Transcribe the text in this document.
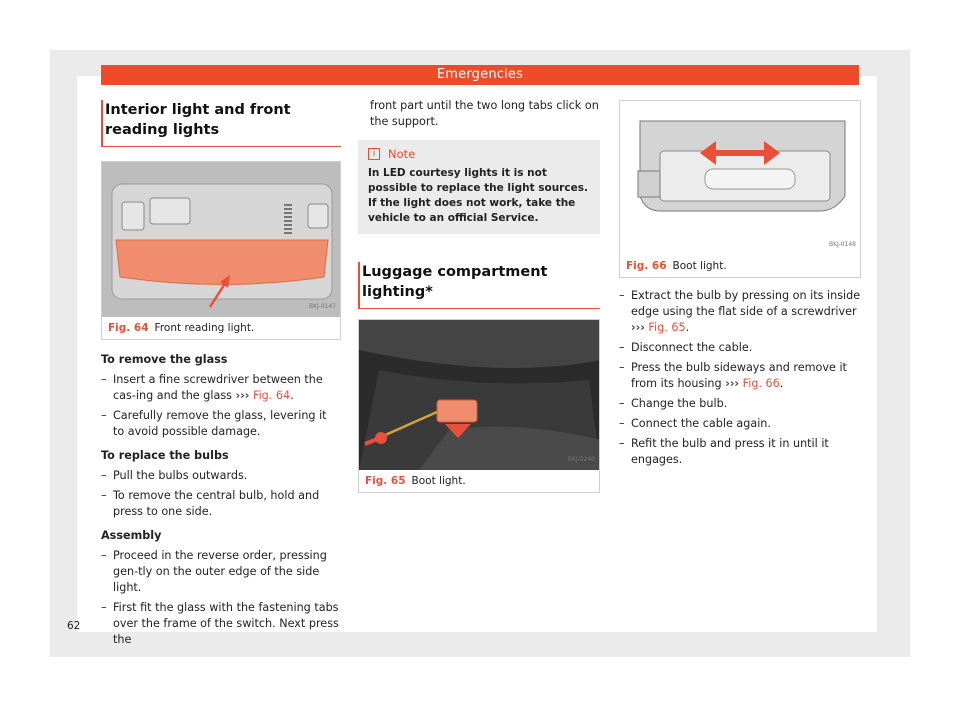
Emergencies
Interior light and front reading lights
BKJ-0147
Fig. 64 Front reading light.
To remove the glass
– Insert a fine screwdriver between the cas-ing and the glass ››› Fig. 64.
– Carefully remove the glass, levering it to avoid possible damage.
To replace the bulbs
– Pull the bulbs outwards.
– To remove the central bulb, hold and press to one side.
Assembly
– Proceed in the reverse order, pressing gen-tly on the outer edge of the side light.
– First fit the glass with the fastening tabs over the frame of the switch. Next press the
front part until the two long tabs click on the support.
i	Note
In LED courtesy lights it is not possible to replace the light sources. If the light does not work, take the vehicle to an official Service.
Luggage compartment lighting*
BKJ-0240
Fig. 65 Boot light.
BKJ-0148
Fig. 66 Boot light.
– Extract the bulb by pressing on its inside edge using the flat side of a screwdriver ››› Fig. 65.
– Disconnect the cable.
– Press the bulb sideways and remove it from its housing ››› Fig. 66.
– Change the bulb.
– Connect the cable again.
– Refit the bulb and press it in until it engages.
62
